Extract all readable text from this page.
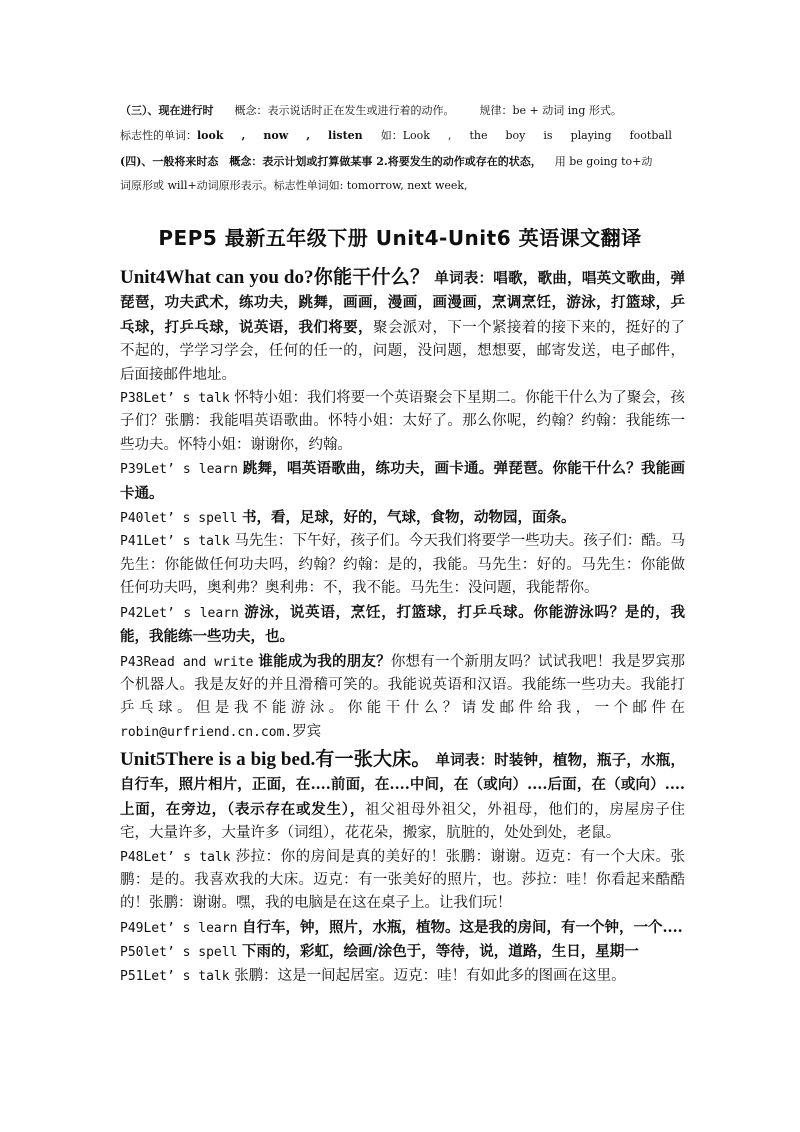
（三）、现在进行时 概念：表示说话时正在发生或进行着的动作。 规律：be + 动词 ing 形式。
标志性的单词：look , now , listen 如：Look , the boy is playing football
(四)、一般将来时态 概念：表示计划或打算做某事 2.将要发生的动作或存在的状态， 用 be going to+动
词原形或 will+动词原形表示。标志性单词如: tomorrow, next week,
PEP5 最新五年级下册 Unit4-Unit6 英语课文翻译

Unit4What can you do?你能干什么？ 单词表：唱歌，歌曲，唱英文歌曲，弹琵琶，功夫武术，练功夫，跳舞，画画，漫画，画漫画，烹调烹饪，游泳，打篮球，乒乓球，打乒乓球，说英语，我们将要，聚会派对，下一个紧接着的接下来的，挺好的了不起的，学学习学会，任何的任一的，问题，没问题，想想要，邮寄发送，电子邮件，后面接邮件地址。

P38Let’ s talk 怀特小姐：我们将要一个英语聚会下星期二。你能干什么为了聚会，孩子们？张鹏：我能唱英语歌曲。怀特小姐：太好了。那么你呢，约翰？约翰：我能练一些功夫。怀特小姐：谢谢你，约翰。

P39Let’ s learn 跳舞，唱英语歌曲，练功夫，画卡通。弹琵琶。你能干什么？我能画卡通。

P40let’ s spell 书，看，足球，好的，气球，食物，动物园，面条。

P41Let’ s talk 马先生：下午好，孩子们。今天我们将要学一些功夫。孩子们：酷。马先生：你能做任何功夫吗，约翰？约翰：是的，我能。马先生：好的。马先生：你能做任何功夫吗，奥利弗？奥利弗：不，我不能。马先生：没问题，我能帮你。

P42Let’ s learn 游泳，说英语，烹饪，打篮球，打乒乓球。你能游泳吗？是的，我能，我能练一些功夫，也。

P43Read and write 谁能成为我的朋友？你想有一个新朋友吗？试试我吧！我是罗宾那个机器人。我是友好的并且滑稽可笑的。我能说英语和汉语。我能练一些功夫。我能打乒乓球。但是我不能游泳。你能干什么？请发邮件给我，一个邮件在 robin@urfriend.cn.com.罗宾

Unit5There is a big bed.有一张大床。 单词表：时装钟，植物，瓶子，水瓶，自行车，照片相片，正面，在....前面，在....中间，在（或向）....后面，在（或向）....上面，在旁边，（表示存在或发生），祖父祖母外祖父，外祖母，他们的，房屋房子住宅，大量许多，大量许多（词组），花花朵，搬家，肮脏的，处处到处，老鼠。

P48Let’ s talk 莎拉：你的房间是真的美好的！张鹏：谢谢。迈克：有一个大床。张鹏：是的。我喜欢我的大床。迈克：有一张美好的照片，也。莎拉：哇！你看起来酷酷的！张鹏：谢谢。嘿，我的电脑是在这在桌子上。让我们玩！

P49Let’ s learn 自行车，钟，照片，水瓶，植物。这是我的房间，有一个钟，一个....

P50let’ s spell 下雨的，彩虹，绘画/涂色于，等待，说，道路，生日，星期一

P51Let’ s talk 张鹏：这是一间起居室。迈克：哇！有如此多的图画在这里。
